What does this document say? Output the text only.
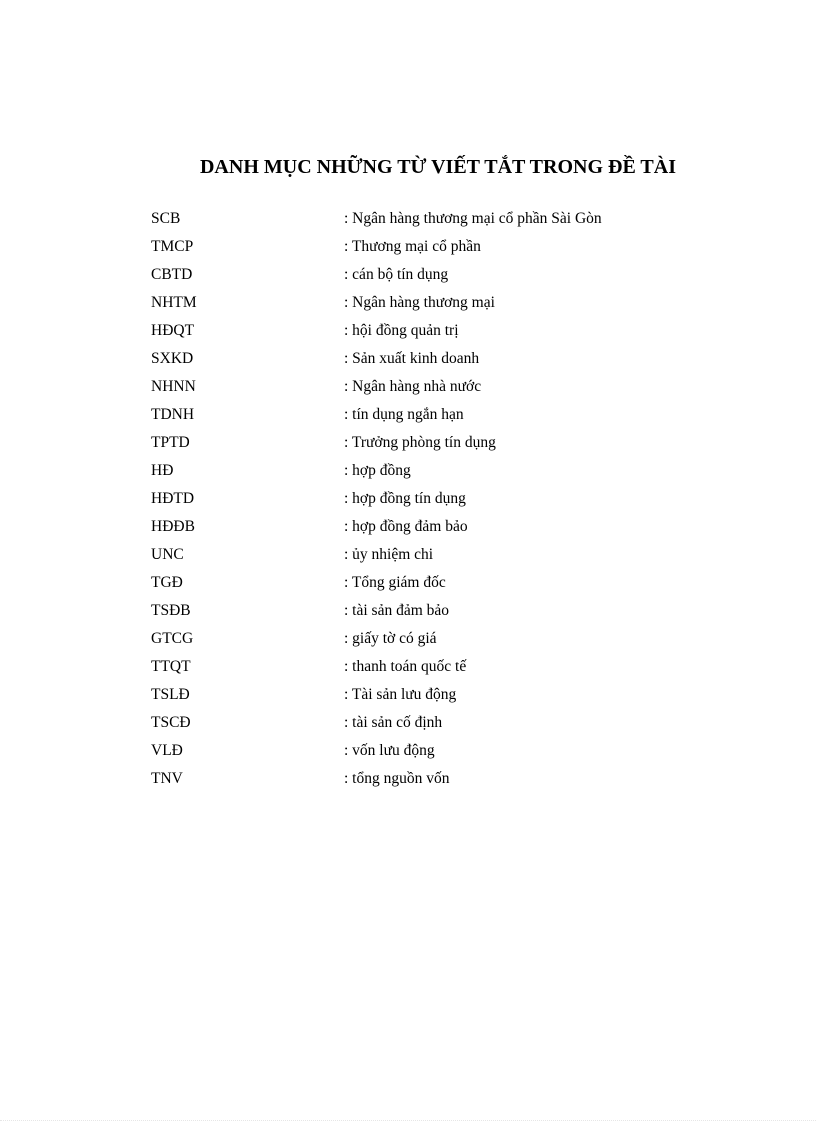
DANH MỤC NHỮNG TỪ VIẾT TẮT TRONG ĐỀ TÀI
SCB	: Ngân hàng thương mại cổ phần Sài Gòn
TMCP	: Thương mại cổ phần
CBTD	: cán bộ tín dụng
NHTM	: Ngân hàng thương mại
HĐQT	: hội đồng quản trị
SXKD	: Sản xuất kinh doanh
NHNN	: Ngân hàng nhà nước
TDNH	: tín dụng ngắn hạn
TPTD	: Trưởng phòng tín dụng
HĐ	: hợp đồng
HĐTD	: hợp đồng tín dụng
HĐĐB	: hợp đồng đảm bảo
UNC	: ủy nhiệm chi
TGĐ	: Tổng giám đốc
TSĐB	: tài sản đảm bảo
GTCG	: giấy tờ có giá
TTQT	: thanh toán quốc tế
TSLĐ	: Tài sản lưu động
TSCĐ	: tài sản cố định
VLĐ	: vốn lưu động
TNV	: tổng nguồn vốn
